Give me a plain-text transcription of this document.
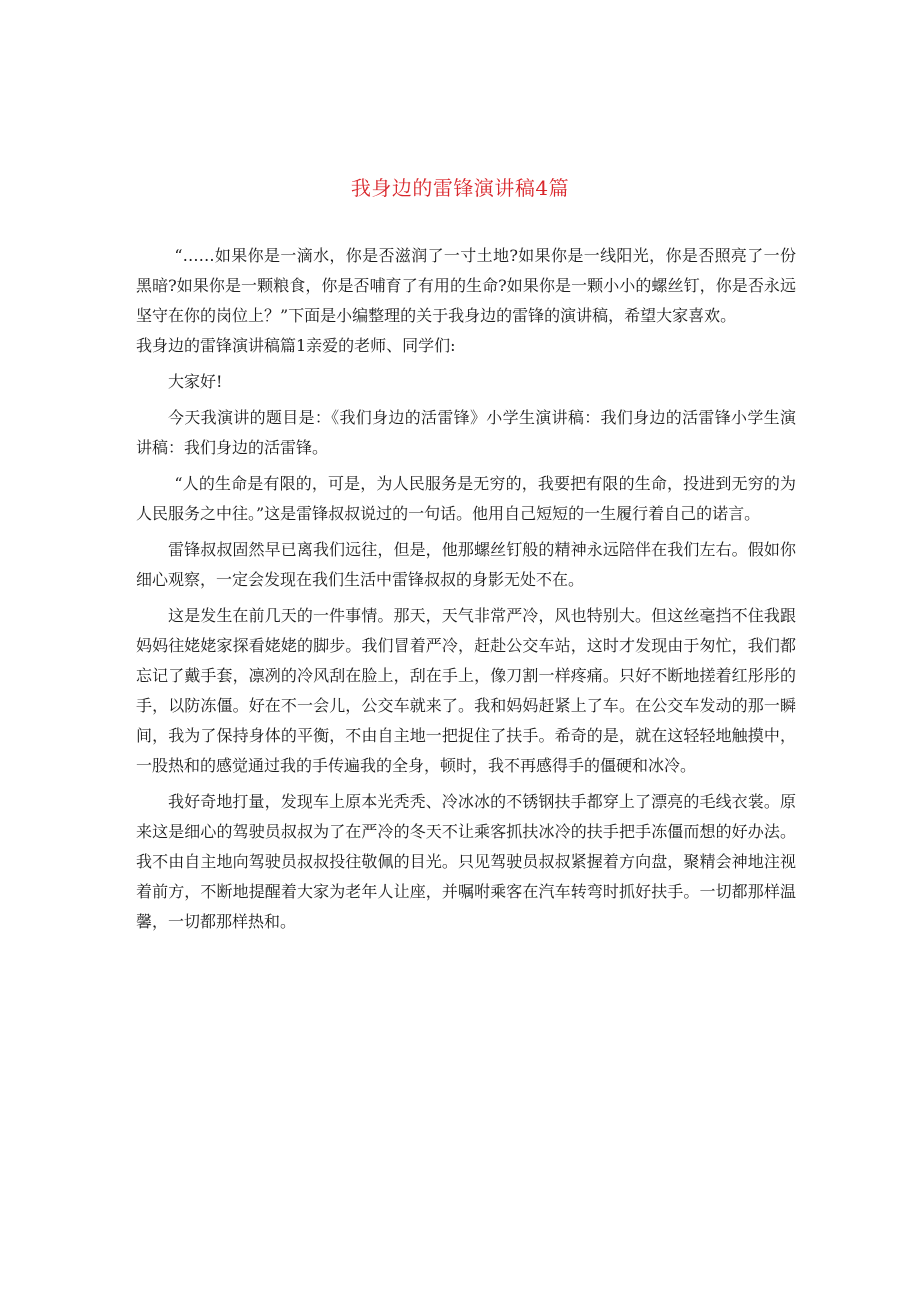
我身边的雷锋演讲稿4篇

“……如果你是一滴水，你是否滋润了一寸土地?如果你是一线阳光，你是否照亮了一份黑暗?如果你是一颗粮食，你是否哺育了有用的生命?如果你是一颗小小的螺丝钉，你是否永远坚守在你的岗位上？”下面是小编整理的关于我身边的雷锋的演讲稿，希望大家喜欢。

我身边的雷锋演讲稿篇1亲爱的老师、同学们:

大家好!

今天我演讲的题目是：《我们身边的活雷锋》小学生演讲稿：我们身边的活雷锋小学生演讲稿：我们身边的活雷锋。

“人的生命是有限的，可是，为人民服务是无穷的，我要把有限的生命，投进到无穷的为人民服务之中往。”这是雷锋叔叔说过的一句话。他用自己短短的一生履行着自己的诺言。

雷锋叔叔固然早已离我们远往，但是，他那螺丝钉般的精神永远陪伴在我们左右。假如你细心观察，一定会发现在我们生活中雷锋叔叔的身影无处不在。

这是发生在前几天的一件事情。那天，天气非常严冷，风也特别大。但这丝毫挡不住我跟妈妈往姥姥家探看姥姥的脚步。我们冒着严冷，赶赴公交车站，这时才发现由于匆忙，我们都忘记了戴手套，凛冽的冷风刮在脸上，刮在手上，像刀割一样疼痛。只好不断地搓着红彤彤的手，以防冻僵。好在不一会儿，公交车就来了。我和妈妈赶紧上了车。在公交车发动的那一瞬间，我为了保持身体的平衡，不由自主地一把捉住了扶手。希奇的是，就在这轻轻地触摸中，一股热和的感觉通过我的手传遍我的全身，顿时，我不再感得手的僵硬和冰冷。

我好奇地打量，发现车上原本光秃秃、冷冰冰的不锈钢扶手都穿上了漂亮的毛线衣裳。原来这是细心的驾驶员叔叔为了在严冷的冬天不让乘客抓扶冰冷的扶手把手冻僵而想的好办法。我不由自主地向驾驶员叔叔投往敬佩的目光。只见驾驶员叔叔紧握着方向盘，聚精会神地注视着前方，不断地提醒着大家为老年人让座，并嘱咐乘客在汽车转弯时抓好扶手。一切都那样温馨，一切都那样热和。
